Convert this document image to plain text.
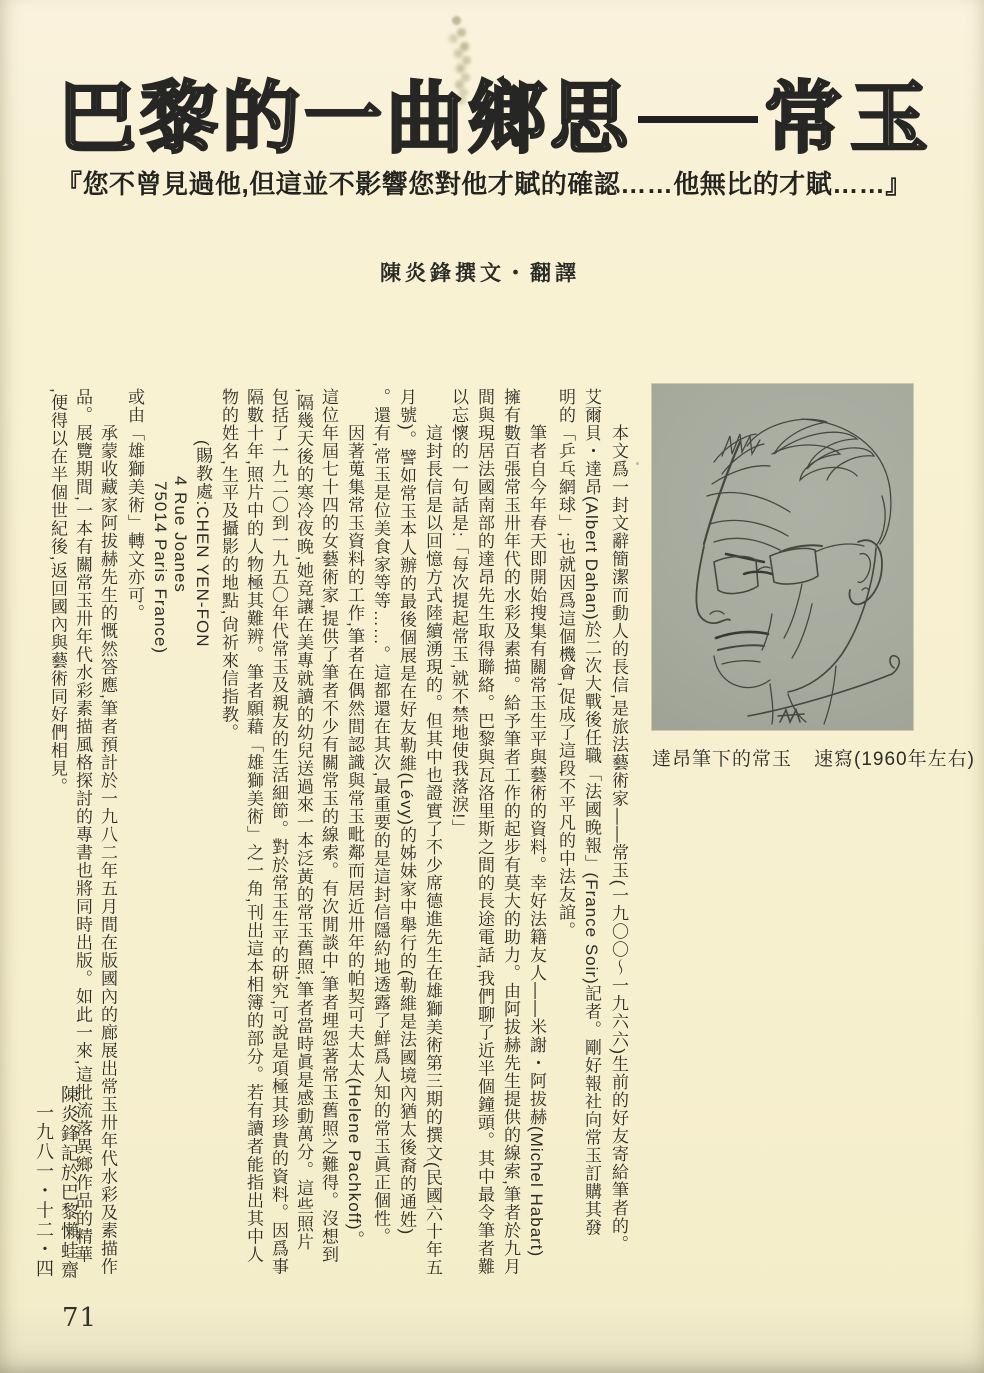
巴黎的一曲鄉思 常玉
『您不曾見過他,但這並不影響您對他才賦的確認……他無比的才賦……』
陳炎鋒撰文・翻譯
達昂筆下的常玉 速寫(1960年左右)
本文爲一封文辭簡潔而動人的長信,是旅法藝術家——常玉(一九〇〇〜一九六六)生前的好友寄給筆者的。
艾爾貝・達昂(Albert Dahan)於二次大戰後任職「法國晚報」(France Soir)記者。剛好報社向常玉訂購其發
明的「乒乓網球」;也就因爲這個機會,促成了這段不平凡的中法友誼。
筆者自今年春天即開始搜集有關常玉生平與藝術的資料。幸好法籍友人——米謝・阿拔赫(Michel Habart)
擁有數百張常玉卅年代的水彩及素描。給予筆者工作的起步有莫大的助力。由阿拔赫先生提供的線索,筆者於九月
間與現居法國南部的達昂先生取得聯絡。巴黎與瓦洛里斯之間的長途電話,我們聊了近半個鐘頭。其中最令筆者難
以忘懷的一句話是:「每次提起常玉,就不禁地使我落淚!」
這封長信是以回憶方式陸續湧現的。但其中也證實了不少席德進先生在雄獅美術第三期的撰文(民國六十年五
月號)。譬如常玉本人辦的最後個展是在好友勒維(Lévy)的姊妹家中舉行的(勒維是法國境內猶太後裔的通姓)
。還有,常玉是位美食家等等……。這都還在其次,最重要的是這封信隱約地透露了鮮爲人知的常玉眞正個性。
因著蒐集常玉資料的工作,筆者在偶然間認識與常玉毗鄰而居近卅年的帕契可夫太太(Helene Pachkoff)。
這位年屆七十四的女藝術家,提供了筆者不少有關常玉的線索。有次閒談中,筆者埋怨著常玉舊照之難得。沒想到
,隔幾天後的寒冷夜晚,她竟讓在美專就讀的幼兒送過來一本泛黃的常玉舊照,筆者當時眞是感動萬分。這些照片
包括了一九二〇到一九五〇年代常玉及親友的生活細節。對於常玉生平的研究,可說是項極其珍貴的資料。因爲事
隔數十年,照片中的人物極其難辨。筆者願藉「雄獅美術」之一角,刊出這本相簿的部分。若有讀者能指出其中人
物的姓名,生平及攝影的地點,尙祈來信指教。
(賜教處:CHEN YEN-FON
4 Rue Joanes
75014 Paris France)
或由「雄獅美術」轉文亦可。
承蒙收藏家阿拔赫先生的慨然答應,筆者預計於一九八二年五月間在版國內的廊展出常玉卅年代水彩及素描作
品。展覽期間,一本有關常玉卅年代水彩素描風格探討的專書也將同時出版。如此一來,這批流落異鄉作品的精華
,便得以在半個世紀後,返回國內與藝術同好們相見。
陳炎鋒記於巴黎懶蛙齋
一九八一・十二・四
71
